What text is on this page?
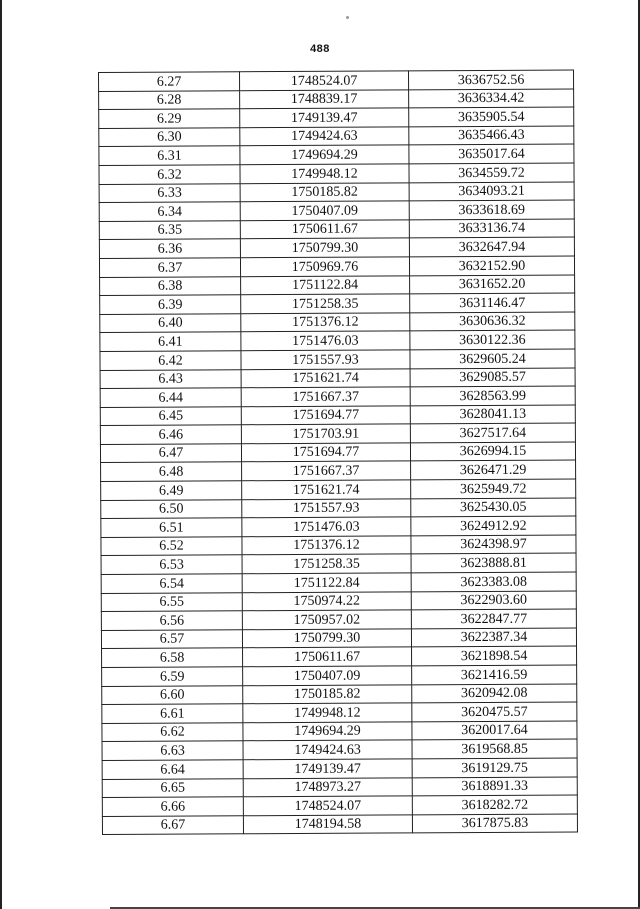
488
6.27	1748524.07	3636752.56
6.28	1748839.17	3636334.42
6.29	1749139.47	3635905.54
6.30	1749424.63	3635466.43
6.31	1749694.29	3635017.64
6.32	1749948.12	3634559.72
6.33	1750185.82	3634093.21
6.34	1750407.09	3633618.69
6.35	1750611.67	3633136.74
6.36	1750799.30	3632647.94
6.37	1750969.76	3632152.90
6.38	1751122.84	3631652.20
6.39	1751258.35	3631146.47
6.40	1751376.12	3630636.32
6.41	1751476.03	3630122.36
6.42	1751557.93	3629605.24
6.43	1751621.74	3629085.57
6.44	1751667.37	3628563.99
6.45	1751694.77	3628041.13
6.46	1751703.91	3627517.64
6.47	1751694.77	3626994.15
6.48	1751667.37	3626471.29
6.49	1751621.74	3625949.72
6.50	1751557.93	3625430.05
6.51	1751476.03	3624912.92
6.52	1751376.12	3624398.97
6.53	1751258.35	3623888.81
6.54	1751122.84	3623383.08
6.55	1750974.22	3622903.60
6.56	1750957.02	3622847.77
6.57	1750799.30	3622387.34
6.58	1750611.67	3621898.54
6.59	1750407.09	3621416.59
6.60	1750185.82	3620942.08
6.61	1749948.12	3620475.57
6.62	1749694.29	3620017.64
6.63	1749424.63	3619568.85
6.64	1749139.47	3619129.75
6.65	1748973.27	3618891.33
6.66	1748524.07	3618282.72
6.67	1748194.58	3617875.83
